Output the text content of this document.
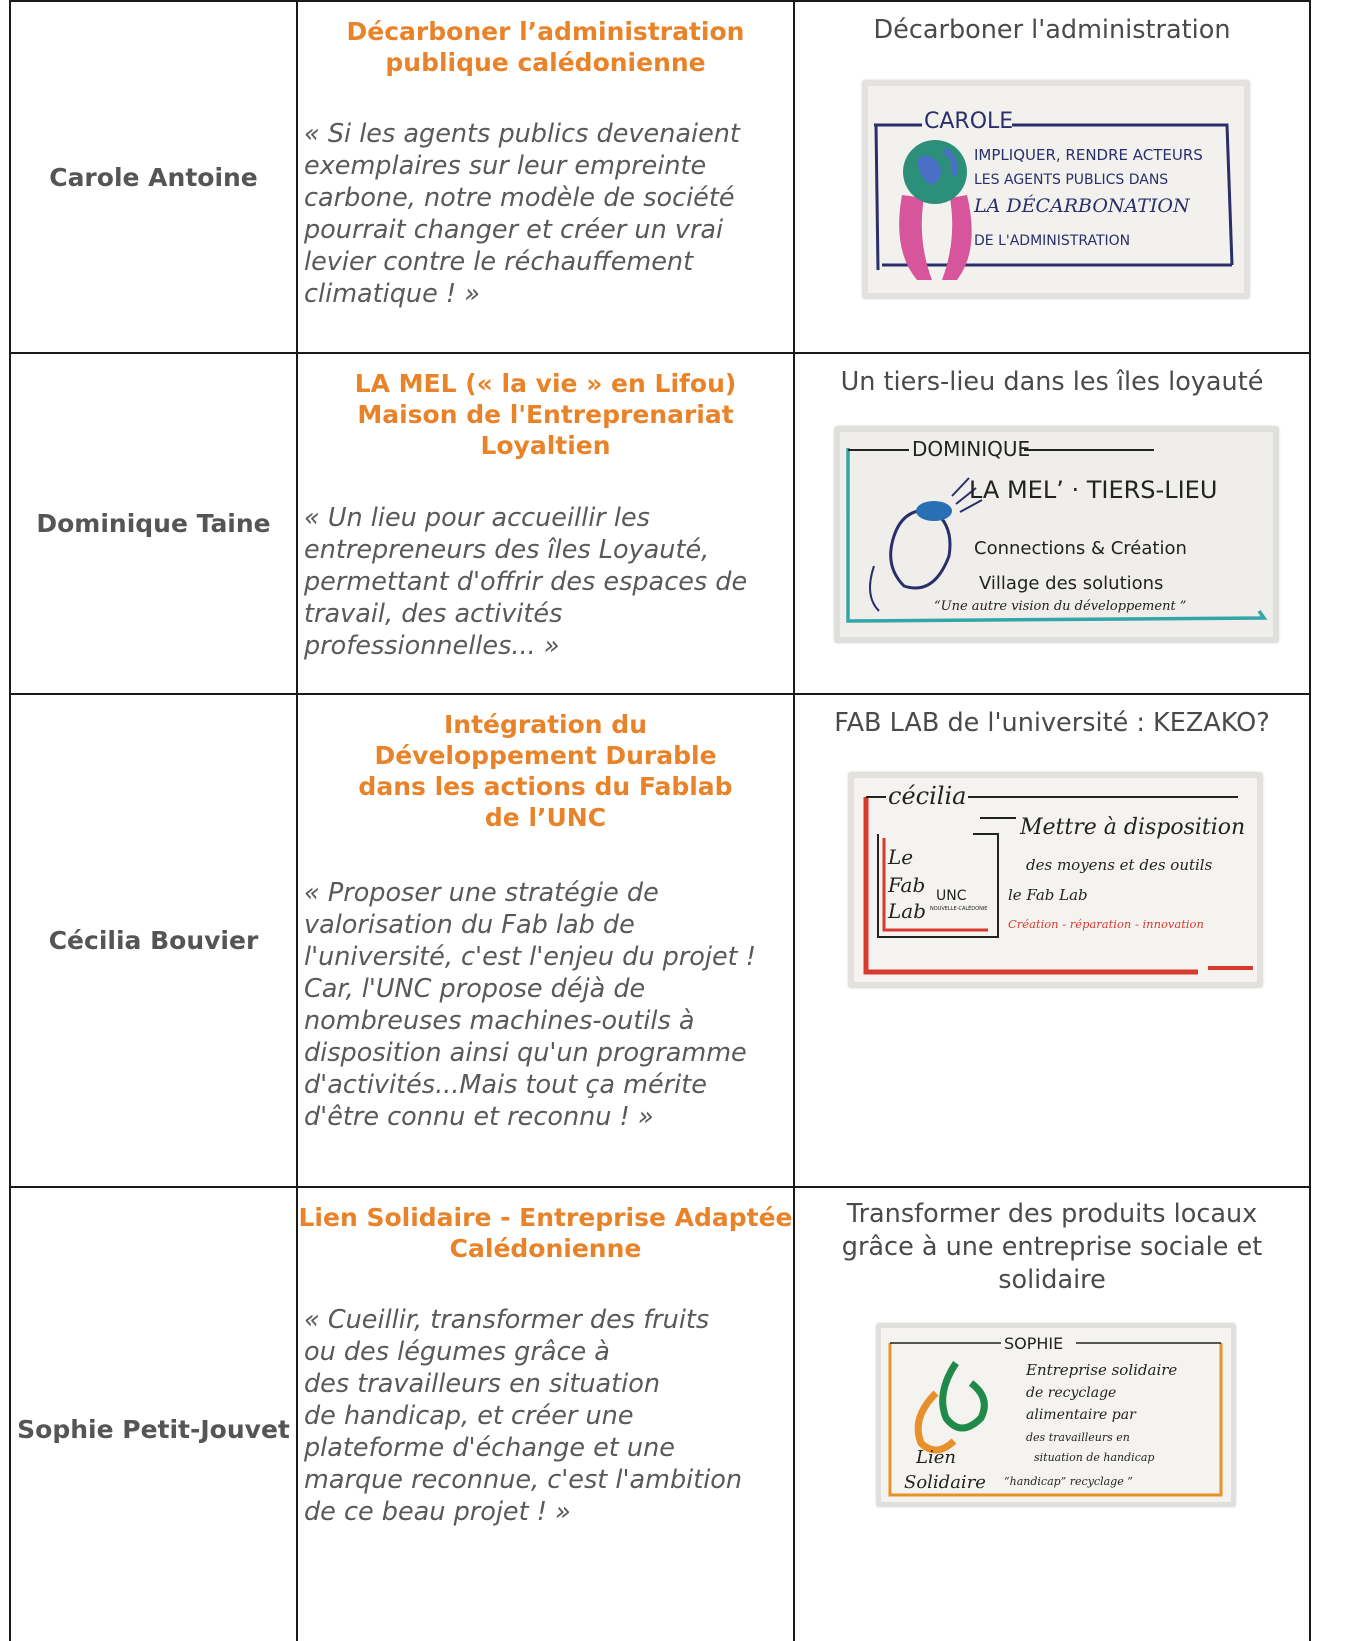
Carole Antoine
Décarboner l’administration
publique calédonienne
« Si les agents publics devenaient
exemplaires sur leur empreinte
carbone, notre modèle de société
pourrait changer et créer un vrai
levier contre le réchauffement
climatique ! »
Décarboner l'administration
CAROLE
IMPLIQUER, RENDRE ACTEURS
LES AGENTS PUBLICS DANS
LA DÉCARBONATION
DE L'ADMINISTRATION
Dominique Taine
LA MEL (« la vie » en Lifou)
Maison de l'Entreprenariat
Loyaltien
« Un lieu pour accueillir les
entrepreneurs des îles Loyauté,
permettant d'offrir des espaces de
travail, des activités
professionnelles... »
Un tiers-lieu dans les îles loyauté
DOMINIQUE
LA MEL’ · TIERS-LIEU
Connections & Création
Village des solutions
“Une autre vision du développement ”
Cécilia Bouvier
Intégration du
Développement Durable
dans les actions du Fablab
de l’UNC
« Proposer une stratégie de
valorisation du Fab lab de
l'université, c'est l'enjeu du projet !
Car, l'UNC propose déjà de
nombreuses machines-outils à
disposition ainsi qu'un programme
d'activités...Mais tout ça mérite
d'être connu et reconnu ! »
FAB LAB de l'université : KEZAKO?
cécilia
Le
Fab
Lab
UNC
NOUVELLE-CALÉDONIE
Mettre à disposition
des moyens et des outils
le Fab Lab
Création - réparation - innovation
Sophie Petit-Jouvet
Lien Solidaire - Entreprise Adaptée
Calédonienne
« Cueillir, transformer des fruits
ou des légumes grâce à
des travailleurs en situation
de handicap, et créer une
plateforme d'échange et une
marque reconnue, c'est l'ambition
de ce beau projet ! »
Transformer des produits locaux
grâce à une entreprise sociale et
solidaire
SOPHIE
Lien
Solidaire
Entreprise solidaire
de recyclage
alimentaire par
des travailleurs en
situation de handicap
“handicap” recyclage ”
